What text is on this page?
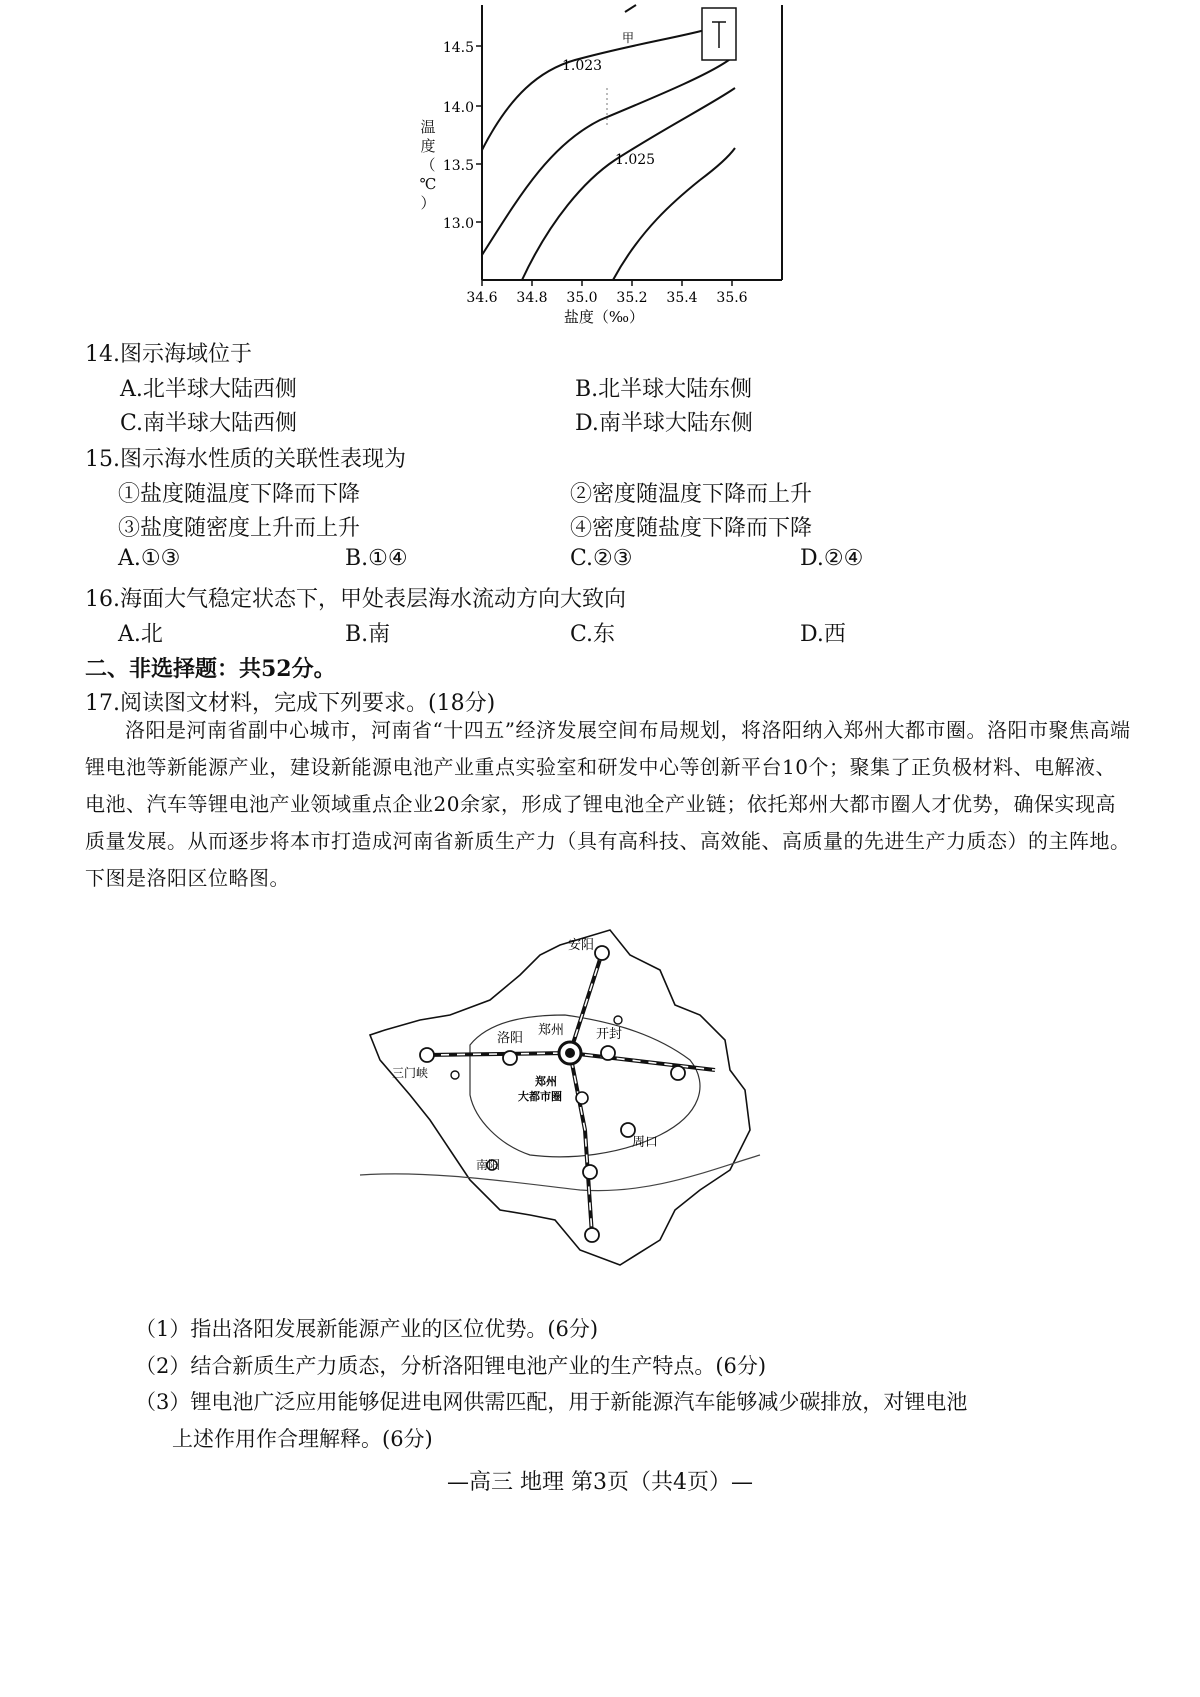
14.5
14.0
13.5
13.0
34.6 34.8 35.0 35.2 35.4 35.6
1.023
1.025
甲
盐度（‰）
温
度
（
℃
）
14.图示海域位于
A.北半球大陆西侧	B.北半球大陆东侧
C.南半球大陆西侧	D.南半球大陆东侧
15.图示海水性质的关联性表现为
①盐度随温度下降而下降	②密度随温度下降而上升
③盐度随密度上升而上升	④密度随盐度下降而下降
A.①③	B.①④	C.②③	D.②④
16.海面大气稳定状态下，甲处表层海水流动方向大致向
A.北	B.南	C.东	D.西
二、非选择题：共52分。
17.阅读图文材料，完成下列要求。(18分)
洛阳是河南省副中心城市，河南省“十四五”经济发展空间布局规划，将洛阳纳入郑州大都市圈。洛阳市聚焦高端锂电池等新能源产业，建设新能源电池产业重点实验室和研发中心等创新平台10个；聚集了正负极材料、电解液、电池、汽车等锂电池产业领域重点企业20余家，形成了锂电池全产业链；依托郑州大都市圈人才优势，确保实现高质量发展。从而逐步将本市打造成河南省新质生产力（具有高科技、高效能、高质量的先进生产力质态）的主阵地。下图是洛阳区位略图。
安阳
洛阳
郑州 开封
三门峡
周口
南阳
郑州 大都市圈
（1）指出洛阳发展新能源产业的区位优势。(6分)
（2）结合新质生产力质态，分析洛阳锂电池产业的生产特点。(6分)
（3）锂电池广泛应用能够促进电网供需匹配，用于新能源汽车能够减少碳排放，对锂电池
上述作用作合理解释。(6分)
—高三 地理 第3页（共4页）—
